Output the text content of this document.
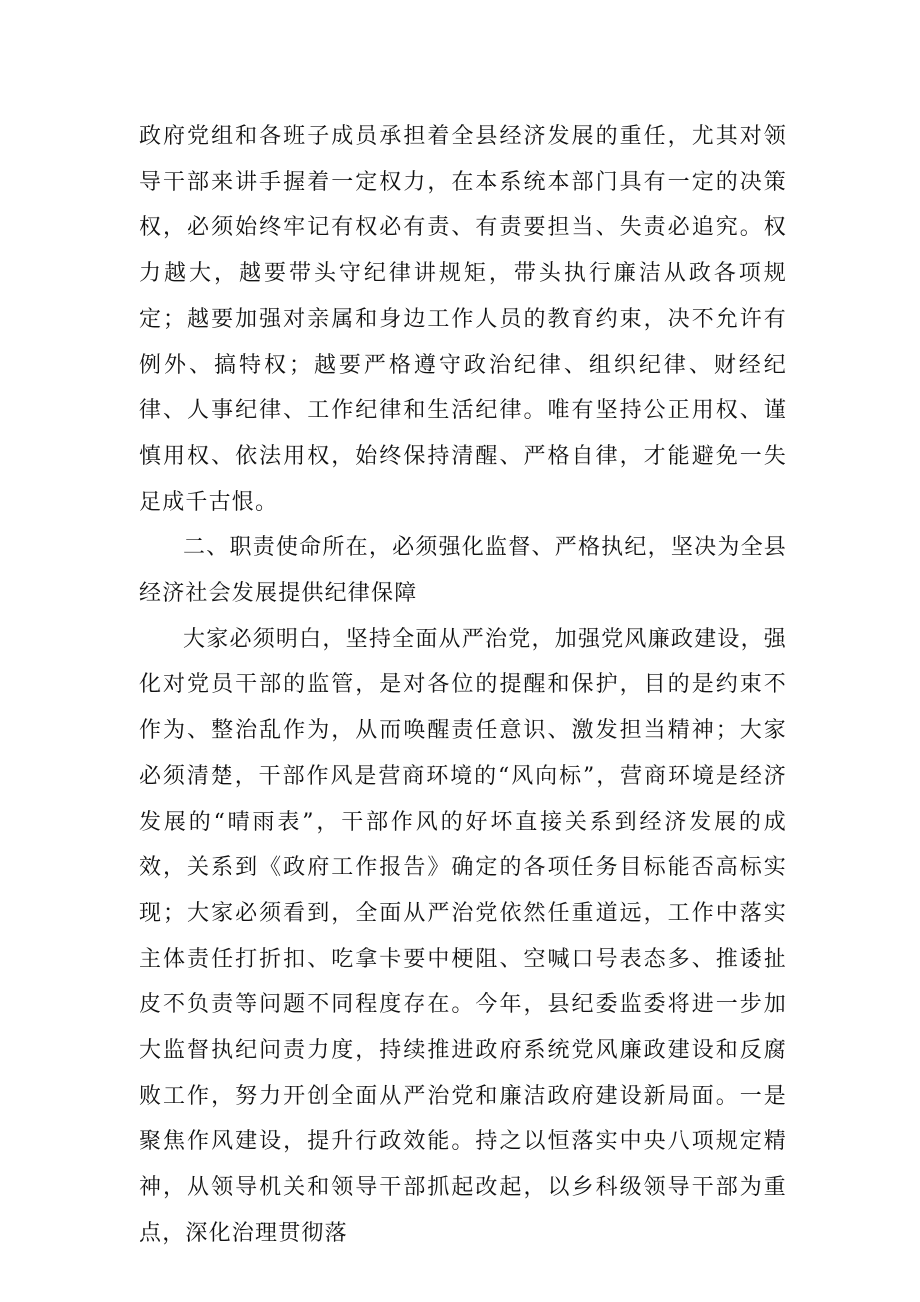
政府党组和各班子成员承担着全县经济发展的重任，尤其对领导干部来讲手握着一定权力，在本系统本部门具有一定的决策权，必须始终牢记有权必有责、有责要担当、失责必追究。权力越大，越要带头守纪律讲规矩，带头执行廉洁从政各项规定；越要加强对亲属和身边工作人员的教育约束，决不允许有例外、搞特权；越要严格遵守政治纪律、组织纪律、财经纪律、人事纪律、工作纪律和生活纪律。唯有坚持公正用权、谨慎用权、依法用权，始终保持清醒、严格自律，才能避免一失足成千古恨。

二、职责使命所在，必须强化监督、严格执纪，坚决为全县经济社会发展提供纪律保障

大家必须明白，坚持全面从严治党，加强党风廉政建设，强化对党员干部的监管，是对各位的提醒和保护，目的是约束不作为、整治乱作为，从而唤醒责任意识、激发担当精神；大家必须清楚，干部作风是营商环境的“风向标”，营商环境是经济发展的“晴雨表”，干部作风的好坏直接关系到经济发展的成效，关系到《政府工作报告》确定的各项任务目标能否高标实现；大家必须看到，全面从严治党依然任重道远，工作中落实主体责任打折扣、吃拿卡要中梗阻、空喊口号表态多、推诿扯皮不负责等问题不同程度存在。今年，县纪委监委将进一步加大监督执纪问责力度，持续推进政府系统党风廉政建设和反腐败工作，努力开创全面从严治党和廉洁政府建设新局面。一是聚焦作风建设，提升行政效能。持之以恒落实中央八项规定精神，从领导机关和领导干部抓起改起，以乡科级领导干部为重点，深化治理贯彻落
